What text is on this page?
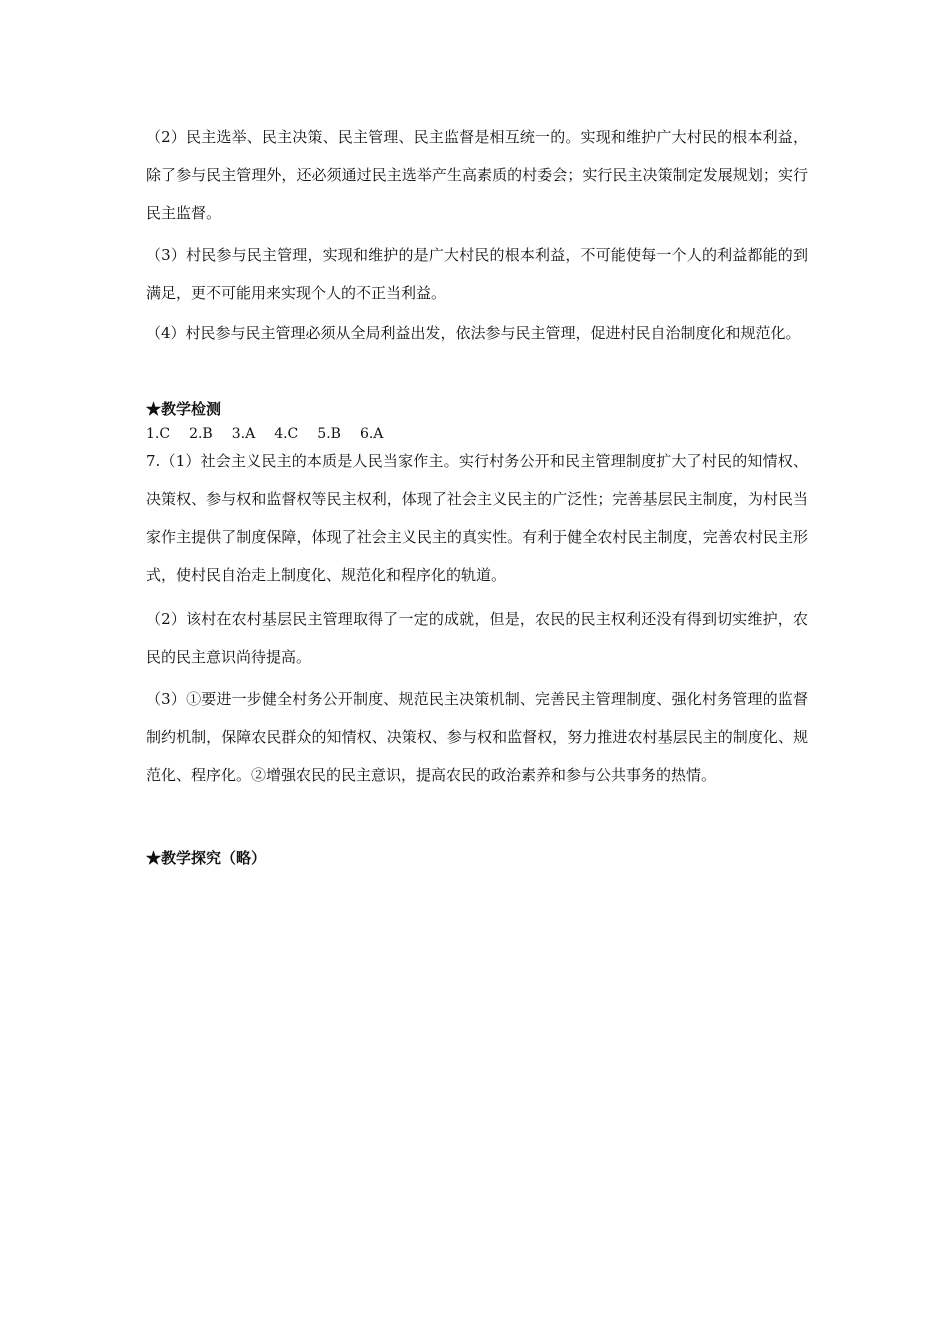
（2）民主选举、民主决策、民主管理、民主监督是相互统一的。实现和维护广大村民的根本利益，除了参与民主管理外，还必须通过民主选举产生高素质的村委会；实行民主决策制定发展规划；实行民主监督。

（3）村民参与民主管理，实现和维护的是广大村民的根本利益，不可能使每一个人的利益都能的到满足，更不可能用来实现个人的不正当利益。

（4）村民参与民主管理必须从全局利益出发，依法参与民主管理，促进村民自治制度化和规范化。

★教学检测
1.C 2.B 3.A 4.C 5.B 6.A

7.（1）社会主义民主的本质是人民当家作主。实行村务公开和民主管理制度扩大了村民的知情权、决策权、参与权和监督权等民主权利，体现了社会主义民主的广泛性；完善基层民主制度，为村民当家作主提供了制度保障，体现了社会主义民主的真实性。有利于健全农村民主制度，完善农村民主形式，使村民自治走上制度化、规范化和程序化的轨道。

（2）该村在农村基层民主管理取得了一定的成就，但是，农民的民主权利还没有得到切实维护，农民的民主意识尚待提高。

（3）①要进一步健全村务公开制度、规范民主决策机制、完善民主管理制度、强化村务管理的监督制约机制，保障农民群众的知情权、决策权、参与权和监督权，努力推进农村基层民主的制度化、规范化、程序化。②增强农民的民主意识，提高农民的政治素养和参与公共事务的热情。

★教学探究（略）
